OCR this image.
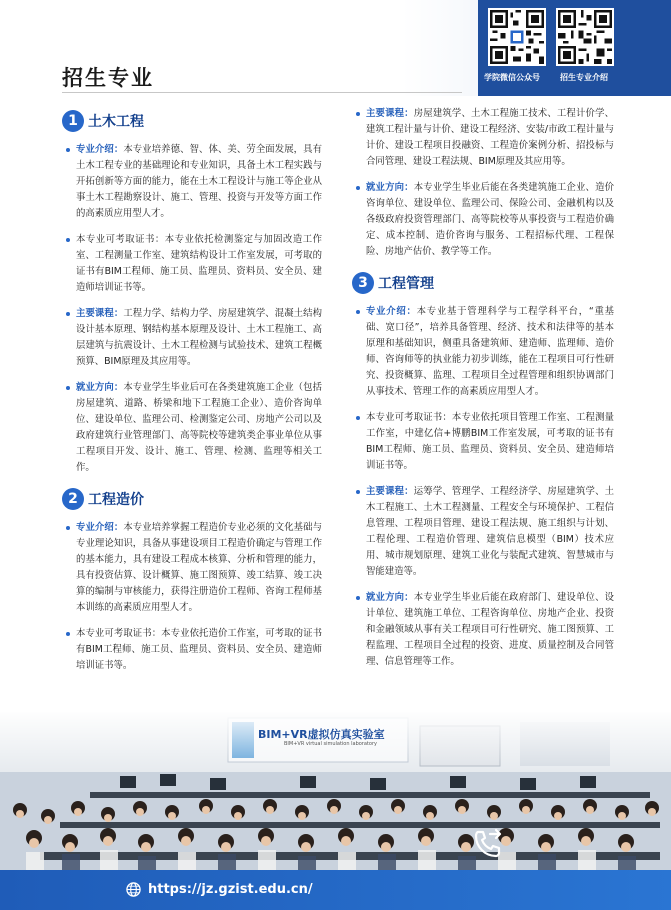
学院微信公众号	招生专业介绍
招生专业
1 土木工程
专业介绍：本专业培养德、智、体、美、劳全面发展，具有土木工程专业的基础理论和专业知识，具备土木工程实践与开拓创新等方面的能力，能在土木工程设计与施工等企业从事土木工程勘察设计、施工、管理、投资与开发等方面工作的高素质应用型人才。
本专业可考取证书：本专业依托检测鉴定与加固改造工作室、工程测量工作室、建筑结构设计工作室发展，可考取的证书有BIM工程师、施工员、监理员、资料员、安全员、建造师培训证书等。
主要课程：工程力学、结构力学、房屋建筑学、混凝土结构设计基本原理、钢结构基本原理及设计、土木工程施工、高层建筑与抗震设计、土木工程检测与试验技术、建筑工程概预算、BIM原理及其应用等。
就业方向：本专业学生毕业后可在各类建筑施工企业（包括房屋建筑、道路、桥梁和地下工程施工企业）、造价咨询单位、建设单位、监理公司、检测鉴定公司、房地产公司以及政府建筑行业管理部门、高等院校等建筑类企事业单位从事工程项目开发、设计、施工、管理、检测、监理等相关工作。
2 工程造价
专业介绍：本专业培养掌握工程造价专业必须的文化基础与专业理论知识，具备从事建设项目工程造价确定与管理工作的基本能力，具有建设工程成本核算、分析和管理的能力，具有投资估算、设计概算、施工图预算、竣工结算、竣工决算的编制与审核能力，获得注册造价工程师、咨询工程师基本训练的高素质应用型人才。
本专业可考取证书：本专业依托造价工作室，可考取的证书有BIM工程师、施工员、监理员、资料员、安全员、建造师培训证书等。
主要课程：房屋建筑学、土木工程施工技术、工程计价学、建筑工程计量与计价、建设工程经济、安装/市政工程计量与计价、建设工程项目投融资、工程造价案例分析、招投标与合同管理、建设工程法规、BIM原理及其应用等。
就业方向：本专业学生毕业后能在各类建筑施工企业、造价咨询单位、建设单位、监理公司、保险公司、金融机构以及各级政府投资管理部门、高等院校等从事投资与工程造价确定、成本控制、造价咨询与服务、工程招标代理、工程保险、房地产估价、教学等工作。
3 工程管理
专业介绍：本专业基于管理科学与工程学科平台，“重基础、宽口径”，培养具备管理、经济、技术和法律等的基本原理和基础知识，侧重具备建筑师、建造师、监理师、造价师、咨询师等的执业能力初步训练，能在工程项目可行性研究、投资概算、监理、工程项目全过程管理和组织协调部门从事技术、管理工作的高素质应用型人才。
本专业可考取证书：本专业依托项目管理工作室、工程测量工作室，中建亿信+博鹏BIM工作室发展，可考取的证书有BIM工程师、施工员、监理员、资料员、安全员、建造师培训证书等。
主要课程：运筹学、管理学、工程经济学、房屋建筑学、土木工程施工、土木工程测量、工程安全与环境保护、工程信息管理、工程项目管理、建设工程法规、施工组织与计划、工程伦理、工程造价管理、建筑信息模型（BIM）技术应用、城市规划原理、建筑工业化与装配式建筑、智慧城市与智能建造等。
就业方向：本专业学生毕业后能在政府部门、建设单位、设计单位、建筑施工单位、工程咨询单位、房地产企业、投资和金融领域从事有关工程项目可行性研究、施工图预算、工程监理、工程项目全过程的投资、进度、质量控制及合同管理、信息管理等工作。
BIM+VR虚拟仿真实验室
BIM+VR virtual simulation laboratory
https://jz.gzist.edu.cn/
